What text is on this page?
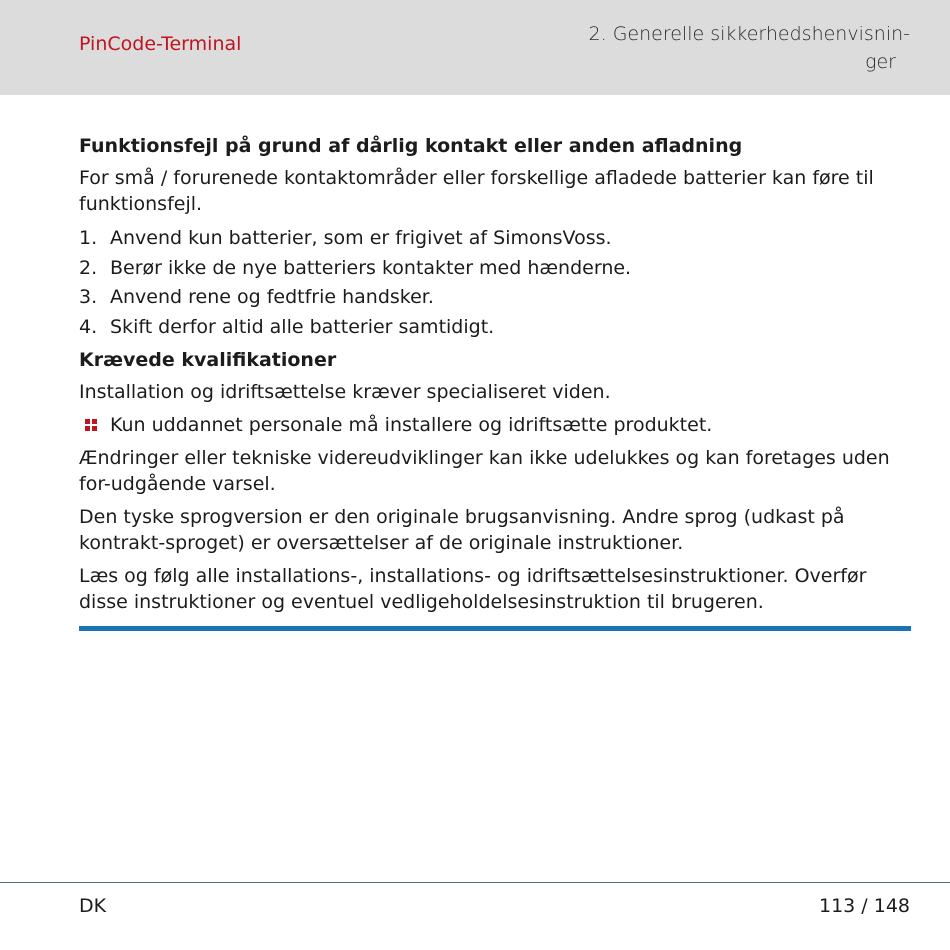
PinCode-Terminal	2. Generelle sikkerhedshenvisnin-
ger
Funktionsfejl på grund af dårlig kontakt eller anden afladning
For små / forurenede kontaktområder eller forskellige afladede batterier kan føre til funktionsfejl.
1. Anvend kun batterier, som er frigivet af SimonsVoss.
2. Berør ikke de nye batteriers kontakter med hænderne.
3. Anvend rene og fedtfrie handsker.
4. Skift derfor altid alle batterier samtidigt.
Krævede kvalifikationer
Installation og idriftsættelse kræver specialiseret viden.
Kun uddannet personale må installere og idriftsætte produktet.
Ændringer eller tekniske videreudviklinger kan ikke udelukkes og kan foretages uden for-udgående varsel.
Den tyske sprogversion er den originale brugsanvisning. Andre sprog (udkast på kontrakt-sproget) er oversættelser af de originale instruktioner.
Læs og følg alle installations-, installations- og idriftsættelsesinstruktioner. Overfør disse instruktioner og eventuel vedligeholdelsesinstruktion til brugeren.
DK	113 / 148
